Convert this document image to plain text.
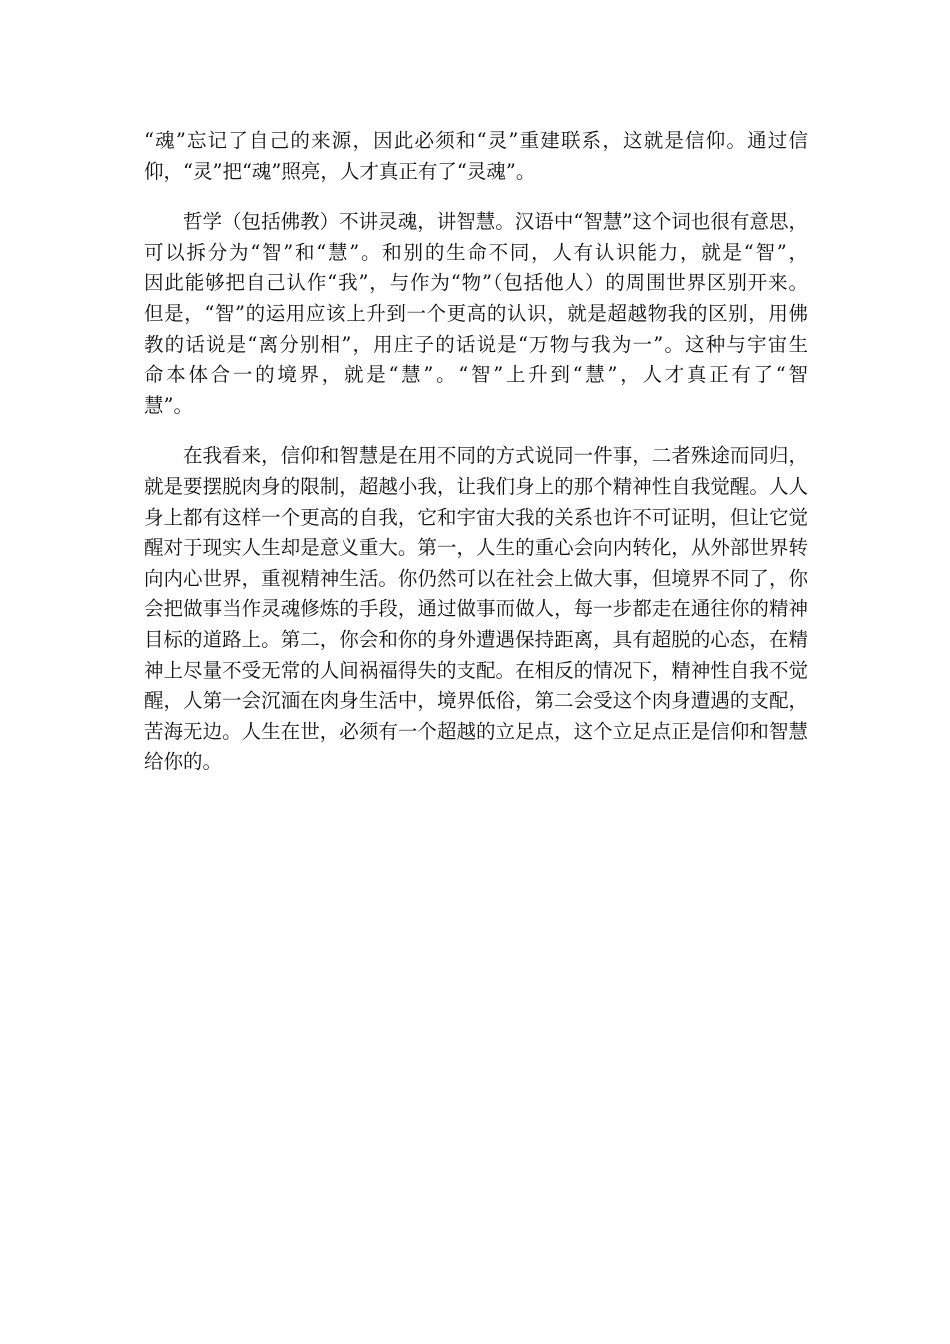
“魂”忘记了自己的来源，因此必须和“灵”重建联系，这就是信仰。通过信
仰，“灵”把“魂”照亮，人才真正有了“灵魂”。
哲学（包括佛教）不讲灵魂，讲智慧。汉语中“智慧”这个词也很有意思，
可以拆分为“智”和“慧”。和别的生命不同，人有认识能力，就是“智”，
因此能够把自己认作“我”，与作为“物”（包括他人）的周围世界区别开来。
但是，“智”的运用应该上升到一个更高的认识，就是超越物我的区别，用佛
教的话说是“离分别相”，用庄子的话说是“万物与我为一”。这种与宇宙生
命本体合一的境界，就是“慧”。“智”上升到“慧”，人才真正有了“智
慧”。
在我看来，信仰和智慧是在用不同的方式说同一件事，二者殊途而同归，
就是要摆脱肉身的限制，超越小我，让我们身上的那个精神性自我觉醒。人人
身上都有这样一个更高的自我，它和宇宙大我的关系也许不可证明，但让它觉
醒对于现实人生却是意义重大。第一，人生的重心会向内转化，从外部世界转
向内心世界，重视精神生活。你仍然可以在社会上做大事，但境界不同了，你
会把做事当作灵魂修炼的手段，通过做事而做人，每一步都走在通往你的精神
目标的道路上。第二，你会和你的身外遭遇保持距离，具有超脱的心态，在精
神上尽量不受无常的人间祸福得失的支配。在相反的情况下，精神性自我不觉
醒，人第一会沉湎在肉身生活中，境界低俗，第二会受这个肉身遭遇的支配，
苦海无边。人生在世，必须有一个超越的立足点，这个立足点正是信仰和智慧
给你的。
